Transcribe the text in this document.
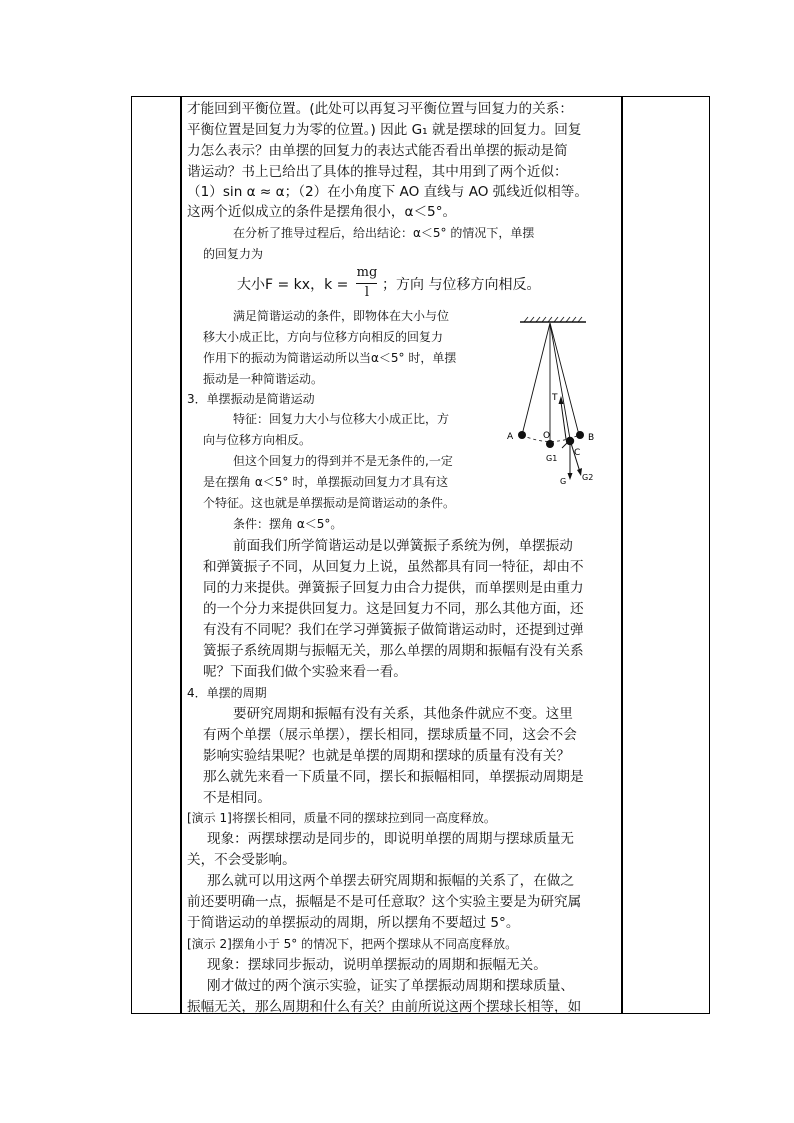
才能回到平衡位置。(此处可以再复习平衡位置与回复力的关系：
平衡位置是回复力为零的位置。) 因此 G₁ 就是摆球的回复力。回复
力怎么表示？由单摆的回复力的表达式能否看出单摆的振动是简
谐运动？书上已给出了具体的推导过程，其中用到了两个近似：
（1）sin α ≈ α；（2）在小角度下 AO 直线与 AO 弧线近似相等。
这两个近似成立的条件是摆角很小，α＜5°。
在分析了推导过程后，给出结论：α＜5° 的情况下，单摆
的回复力为
大小F = kx，k =
mg
l ；方向 与位移方向相反。
满足简谐运动的条件，即物体在大小与位
移大小成正比，方向与位移方向相反的回复力
作用下的振动为简谐运动所以当α＜5° 时，单摆
振动是一种简谐运动。
3．单摆振动是简谐运动
特征：回复力大小与位移大小成正比，方
向与位移方向相反。
但这个回复力的得到并不是无条件的,一定
是在摆角 α＜5° 时，单摆振动回复力才具有这
个特征。这也就是单摆振动是简谐运动的条件。
条件：摆角 α＜5°。
前面我们所学简谐运动是以弹簧振子系统为例，单摆振动
和弹簧振子不同，从回复力上说，虽然都具有同一特征，却由不
同的力来提供。弹簧振子回复力由合力提供，而单摆则是由重力
的一个分力来提供回复力。这是回复力不同，那么其他方面，还
有没有不同呢？我们在学习弹簧振子做简谐运动时，还提到过弹
簧振子系统周期与振幅无关，那么单摆的周期和振幅有没有关系
呢？下面我们做个实验来看一看。
4．单摆的周期
要研究周期和振幅有没有关系，其他条件就应不变。这里
有两个单摆（展示单摆），摆长相同，摆球质量不同，这会不会
影响实验结果呢？也就是单摆的周期和摆球的质量有没有关？
那么就先来看一下质量不同，摆长和振幅相同，单摆振动周期是
不是相同。
[演示 1]将摆长相同，质量不同的摆球拉到同一高度释放。
现象：两摆球摆动是同步的，即说明单摆的周期与摆球质量无
关，不会受影响。
那么就可以用这两个单摆去研究周期和振幅的关系了，在做之
前还要明确一点，振幅是不是可任意取？这个实验主要是为研究属
于简谐运动的单摆振动的周期，所以摆角不要超过 5°。
[演示 2]摆角小于 5° 的情况下，把两个摆球从不同高度释放。
现象：摆球同步振动，说明单摆振动的周期和振幅无关。
刚才做过的两个演示实验，证实了单摆振动周期和摆球质量、
振幅无关，那么周期和什么有关？由前所说这两个摆球长相等，如
A	O	B
C
T
G1
G G2
